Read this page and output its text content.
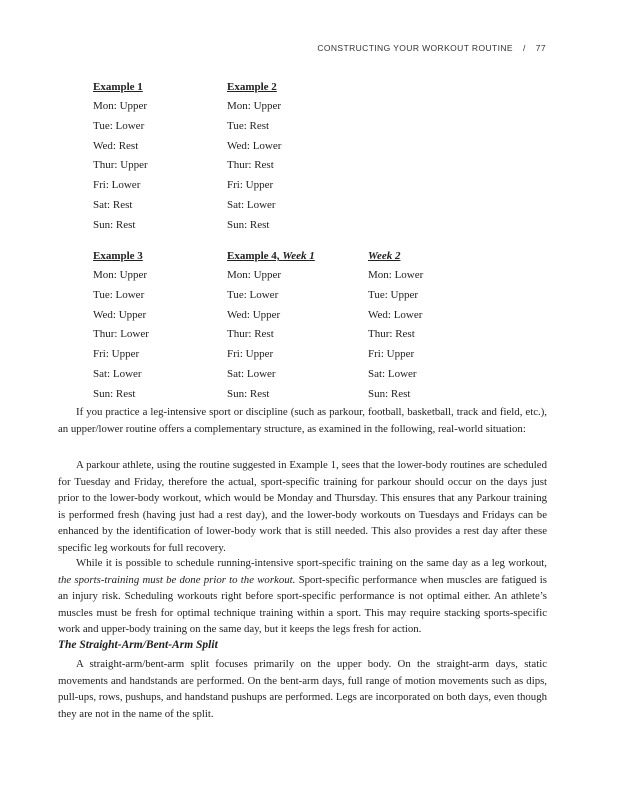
CONSTRUCTING YOUR WORKOUT ROUTINE / 77
Example 1
Mon: Upper
Tue: Lower
Wed: Rest
Thur: Upper
Fri: Lower
Sat: Rest
Sun: Rest
Example 2
Mon: Upper
Tue: Rest
Wed: Lower
Thur: Rest
Fri: Upper
Sat: Lower
Sun: Rest
Example 3
Mon: Upper
Tue: Lower
Wed: Upper
Thur: Lower
Fri: Upper
Sat: Lower
Sun: Rest
Example 4, Week 1
Mon: Upper
Tue: Lower
Wed: Upper
Thur: Rest
Fri: Upper
Sat: Lower
Sun: Rest
Week 2
Mon: Lower
Tue: Upper
Wed: Lower
Thur: Rest
Fri: Upper
Sat: Lower
Sun: Rest

If you practice a leg-intensive sport or discipline (such as parkour, football, basketball, track and field, etc.), an upper/lower routine offers a complementary structure, as examined in the following, real-world situation:

A parkour athlete, using the routine suggested in Example 1, sees that the lower-body routines are scheduled for Tuesday and Friday, therefore the actual, sport-specific training for parkour should occur on the days just prior to the lower-body workout, which would be Monday and Thursday. This ensures that any Parkour training is performed fresh (having just had a rest day), and the lower-body workouts on Tuesdays and Fridays can be enhanced by the identification of lower-body work that is still needed. This also provides a rest day after these specific leg workouts for full recovery.

While it is possible to schedule running-intensive sport-specific training on the same day as a leg workout, the sports-training must be done prior to the workout. Sport-specific performance when muscles are fatigued is an injury risk. Scheduling workouts right before sport-specific performance is not optimal either. An athlete’s muscles must be fresh for optimal technique training within a sport. This may require stacking sports-specific work and upper-body training on the same day, but it keeps the legs fresh for action.

The Straight-Arm/Bent-Arm Split

A straight-arm/bent-arm split focuses primarily on the upper body. On the straight-arm days, static movements and handstands are performed. On the bent-arm days, full range of motion movements such as dips, pull-ups, rows, pushups, and handstand pushups are performed. Legs are incorporated on both days, even though they are not in the name of the split.
